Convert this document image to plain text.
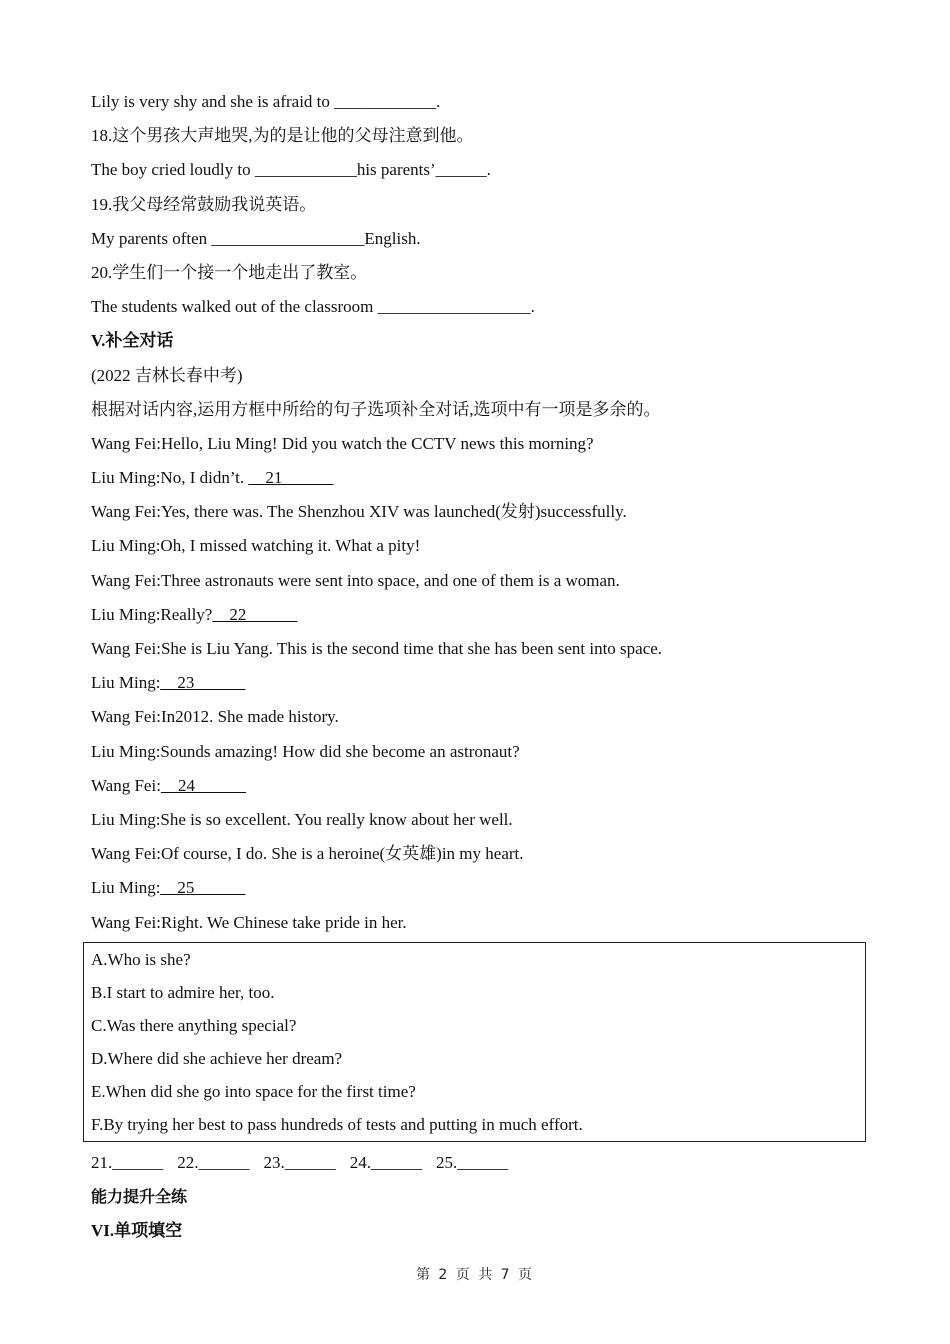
Lily is very shy and she is afraid to ____________.
18.这个男孩大声地哭,为的是让他的父母注意到他。
The boy cried loudly to ____________his parents’______.
19.我父母经常鼓励我说英语。
My parents often __________________English.
20.学生们一个接一个地走出了教室。
The students walked out of the classroom __________________.
V.补全对话
(2022 吉林长春中考)
根据对话内容,运用方框中所给的句子选项补全对话,选项中有一项是多余的。
Wang Fei:Hello, Liu Ming! Did you watch the CCTV news this morning?
Liu Ming:No, I didn’t. __21______
Wang Fei:Yes, there was. The Shenzhou XIV was launched(发射)successfully.
Liu Ming:Oh, I missed watching it. What a pity!
Wang Fei:Three astronauts were sent into space, and one of them is a woman.
Liu Ming:Really?__22______
Wang Fei:She is Liu Yang. This is the second time that she has been sent into space.
Liu Ming:__23______
Wang Fei:In2012. She made history.
Liu Ming:Sounds amazing! How did she become an astronaut?
Wang Fei:__24______
Liu Ming:She is so excellent. You really know about her well.
Wang Fei:Of course, I do. She is a heroine(女英雄)in my heart.
Liu Ming:__25______
Wang Fei:Right. We Chinese take pride in her.
A.Who is she?
B.I start to admire her, too.
C.Was there anything special?
D.Where did she achieve her dream?
E.When did she go into space for the first time?
F.By trying her best to pass hundreds of tests and putting in much effort.
21.______ 22.______ 23.______ 24.______ 25.______
能力提升全练
VI.单项填空
第 2 页 共 7 页
